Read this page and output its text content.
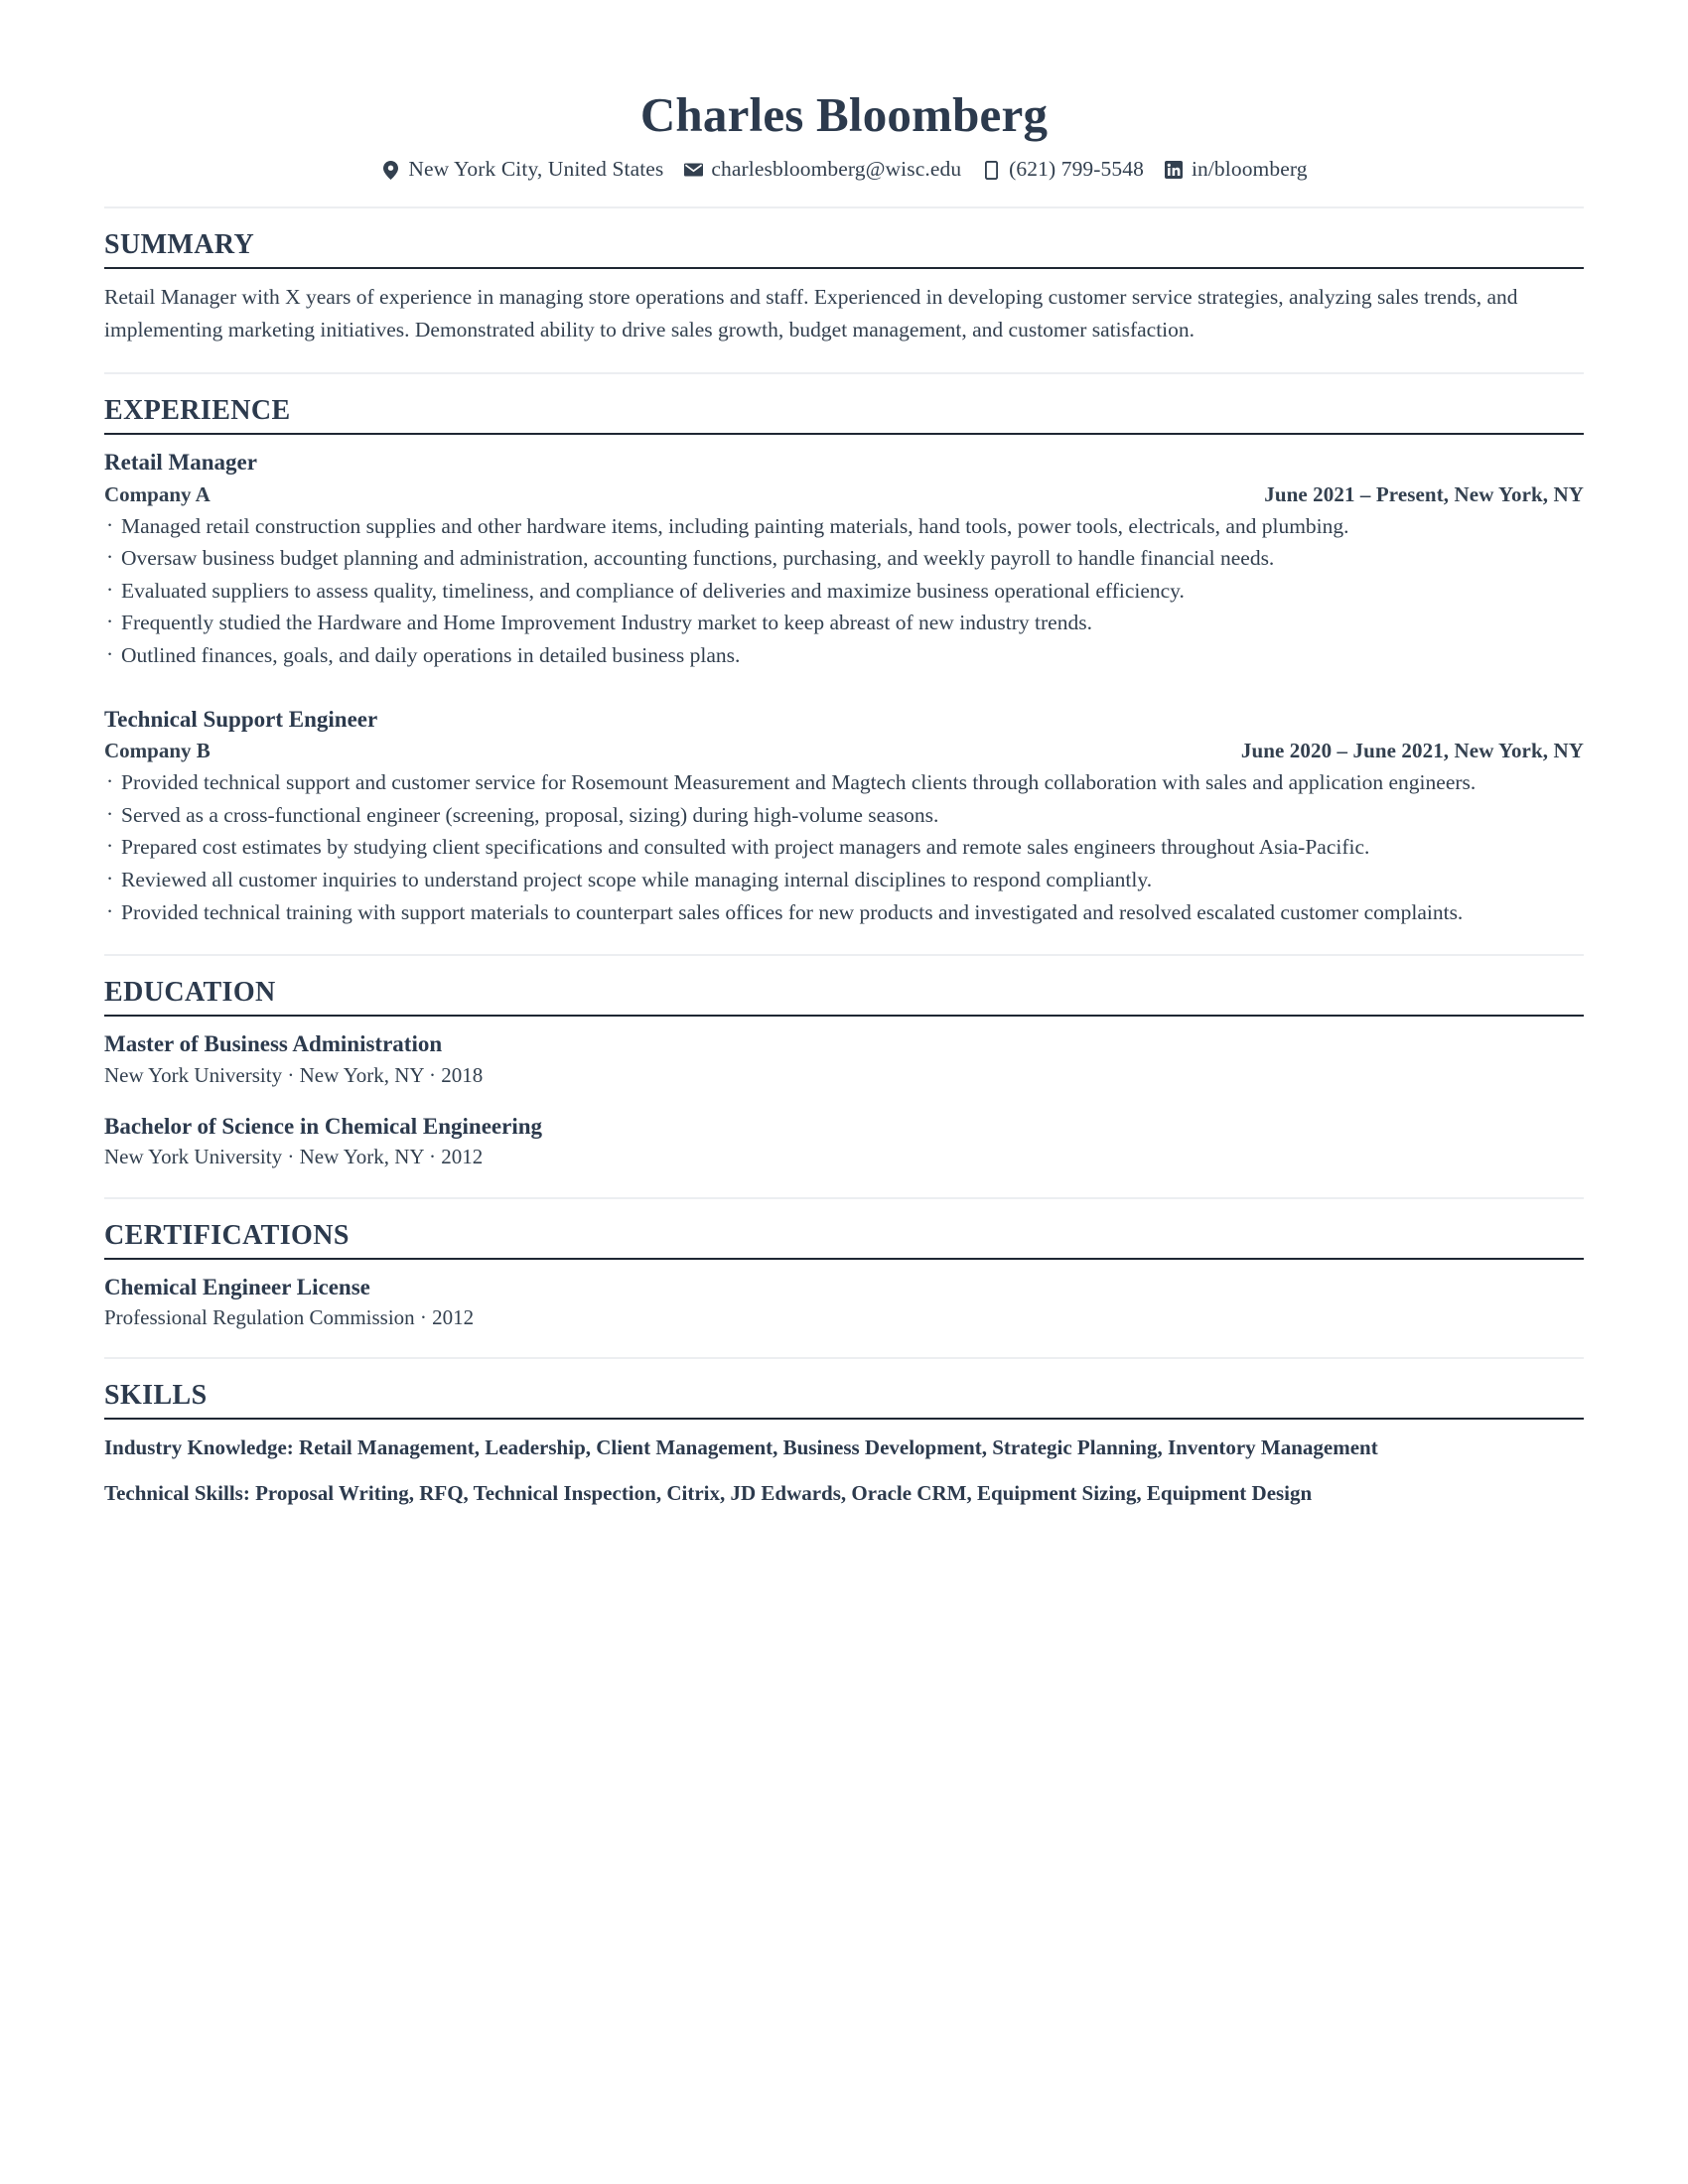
Charles Bloomberg
New York City, United States charlesbloomberg@wisc.edu (621) 799-5548 in/bloomberg
SUMMARY

Retail Manager with X years of experience in managing store operations and staff. Experienced in developing customer service strategies, analyzing sales trends, and implementing marketing initiatives. Demonstrated ability to drive sales growth, budget management, and customer satisfaction.

EXPERIENCE
Retail Manager
Company A	June 2021 – Present, New York, NY
· Managed retail construction supplies and other hardware items, including painting materials, hand tools, power tools, electricals, and plumbing.
· Oversaw business budget planning and administration, accounting functions, purchasing, and weekly payroll to handle financial needs.
· Evaluated suppliers to assess quality, timeliness, and compliance of deliveries and maximize business operational efficiency.
· Frequently studied the Hardware and Home Improvement Industry market to keep abreast of new industry trends.
· Outlined finances, goals, and daily operations in detailed business plans.
Technical Support Engineer
Company B	June 2020 – June 2021, New York, NY
· Provided technical support and customer service for Rosemount Measurement and Magtech clients through collaboration with sales and application engineers.
· Served as a cross-functional engineer (screening, proposal, sizing) during high-volume seasons.
· Prepared cost estimates by studying client specifications and consulted with project managers and remote sales engineers throughout Asia-Pacific.
· Reviewed all customer inquiries to understand project scope while managing internal disciplines to respond compliantly.
· Provided technical training with support materials to counterpart sales offices for new products and investigated and resolved escalated customer complaints.
EDUCATION
Master of Business Administration
New York University · New York, NY · 2018
Bachelor of Science in Chemical Engineering
New York University · New York, NY · 2012
CERTIFICATIONS
Chemical Engineer License
Professional Regulation Commission · 2012
SKILLS
Industry Knowledge: Retail Management, Leadership, Client Management, Business Development, Strategic Planning, Inventory Management
Technical Skills: Proposal Writing, RFQ, Technical Inspection, Citrix, JD Edwards, Oracle CRM, Equipment Sizing, Equipment Design
